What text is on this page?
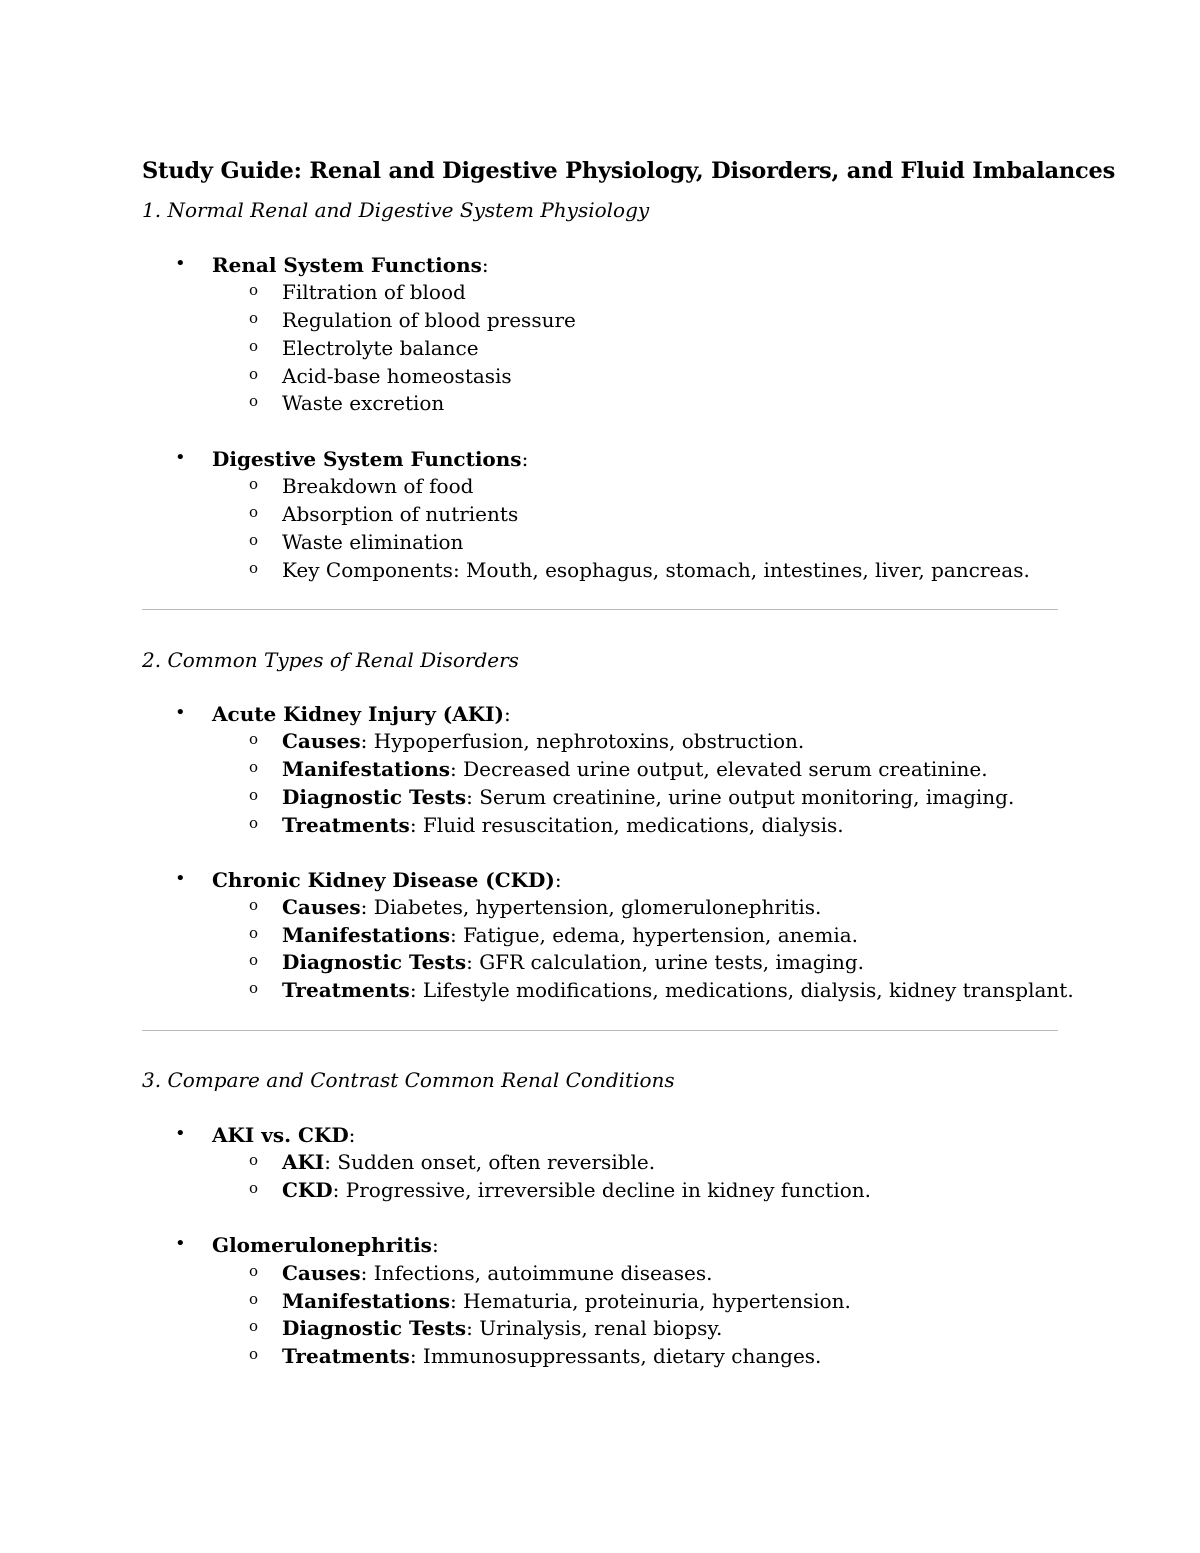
Study Guide: Renal and Digestive Physiology, Disorders, and Fluid Imbalances
1. Normal Renal and Digestive System Physiology
• Renal System Functions:
o Filtration of blood
o Regulation of blood pressure
o Electrolyte balance
o Acid-base homeostasis
o Waste excretion
• Digestive System Functions:
o Breakdown of food
o Absorption of nutrients
o Waste elimination
o Key Components: Mouth, esophagus, stomach, intestines, liver, pancreas.
2. Common Types of Renal Disorders
• Acute Kidney Injury (AKI):
o Causes: Hypoperfusion, nephrotoxins, obstruction.
o Manifestations: Decreased urine output, elevated serum creatinine.
o Diagnostic Tests: Serum creatinine, urine output monitoring, imaging.
o Treatments: Fluid resuscitation, medications, dialysis.
• Chronic Kidney Disease (CKD):
o Causes: Diabetes, hypertension, glomerulonephritis.
o Manifestations: Fatigue, edema, hypertension, anemia.
o Diagnostic Tests: GFR calculation, urine tests, imaging.
o Treatments: Lifestyle modifications, medications, dialysis, kidney transplant.
3. Compare and Contrast Common Renal Conditions
• AKI vs. CKD:
o AKI: Sudden onset, often reversible.
o CKD: Progressive, irreversible decline in kidney function.
• Glomerulonephritis:
o Causes: Infections, autoimmune diseases.
o Manifestations: Hematuria, proteinuria, hypertension.
o Diagnostic Tests: Urinalysis, renal biopsy.
o Treatments: Immunosuppressants, dietary changes.
